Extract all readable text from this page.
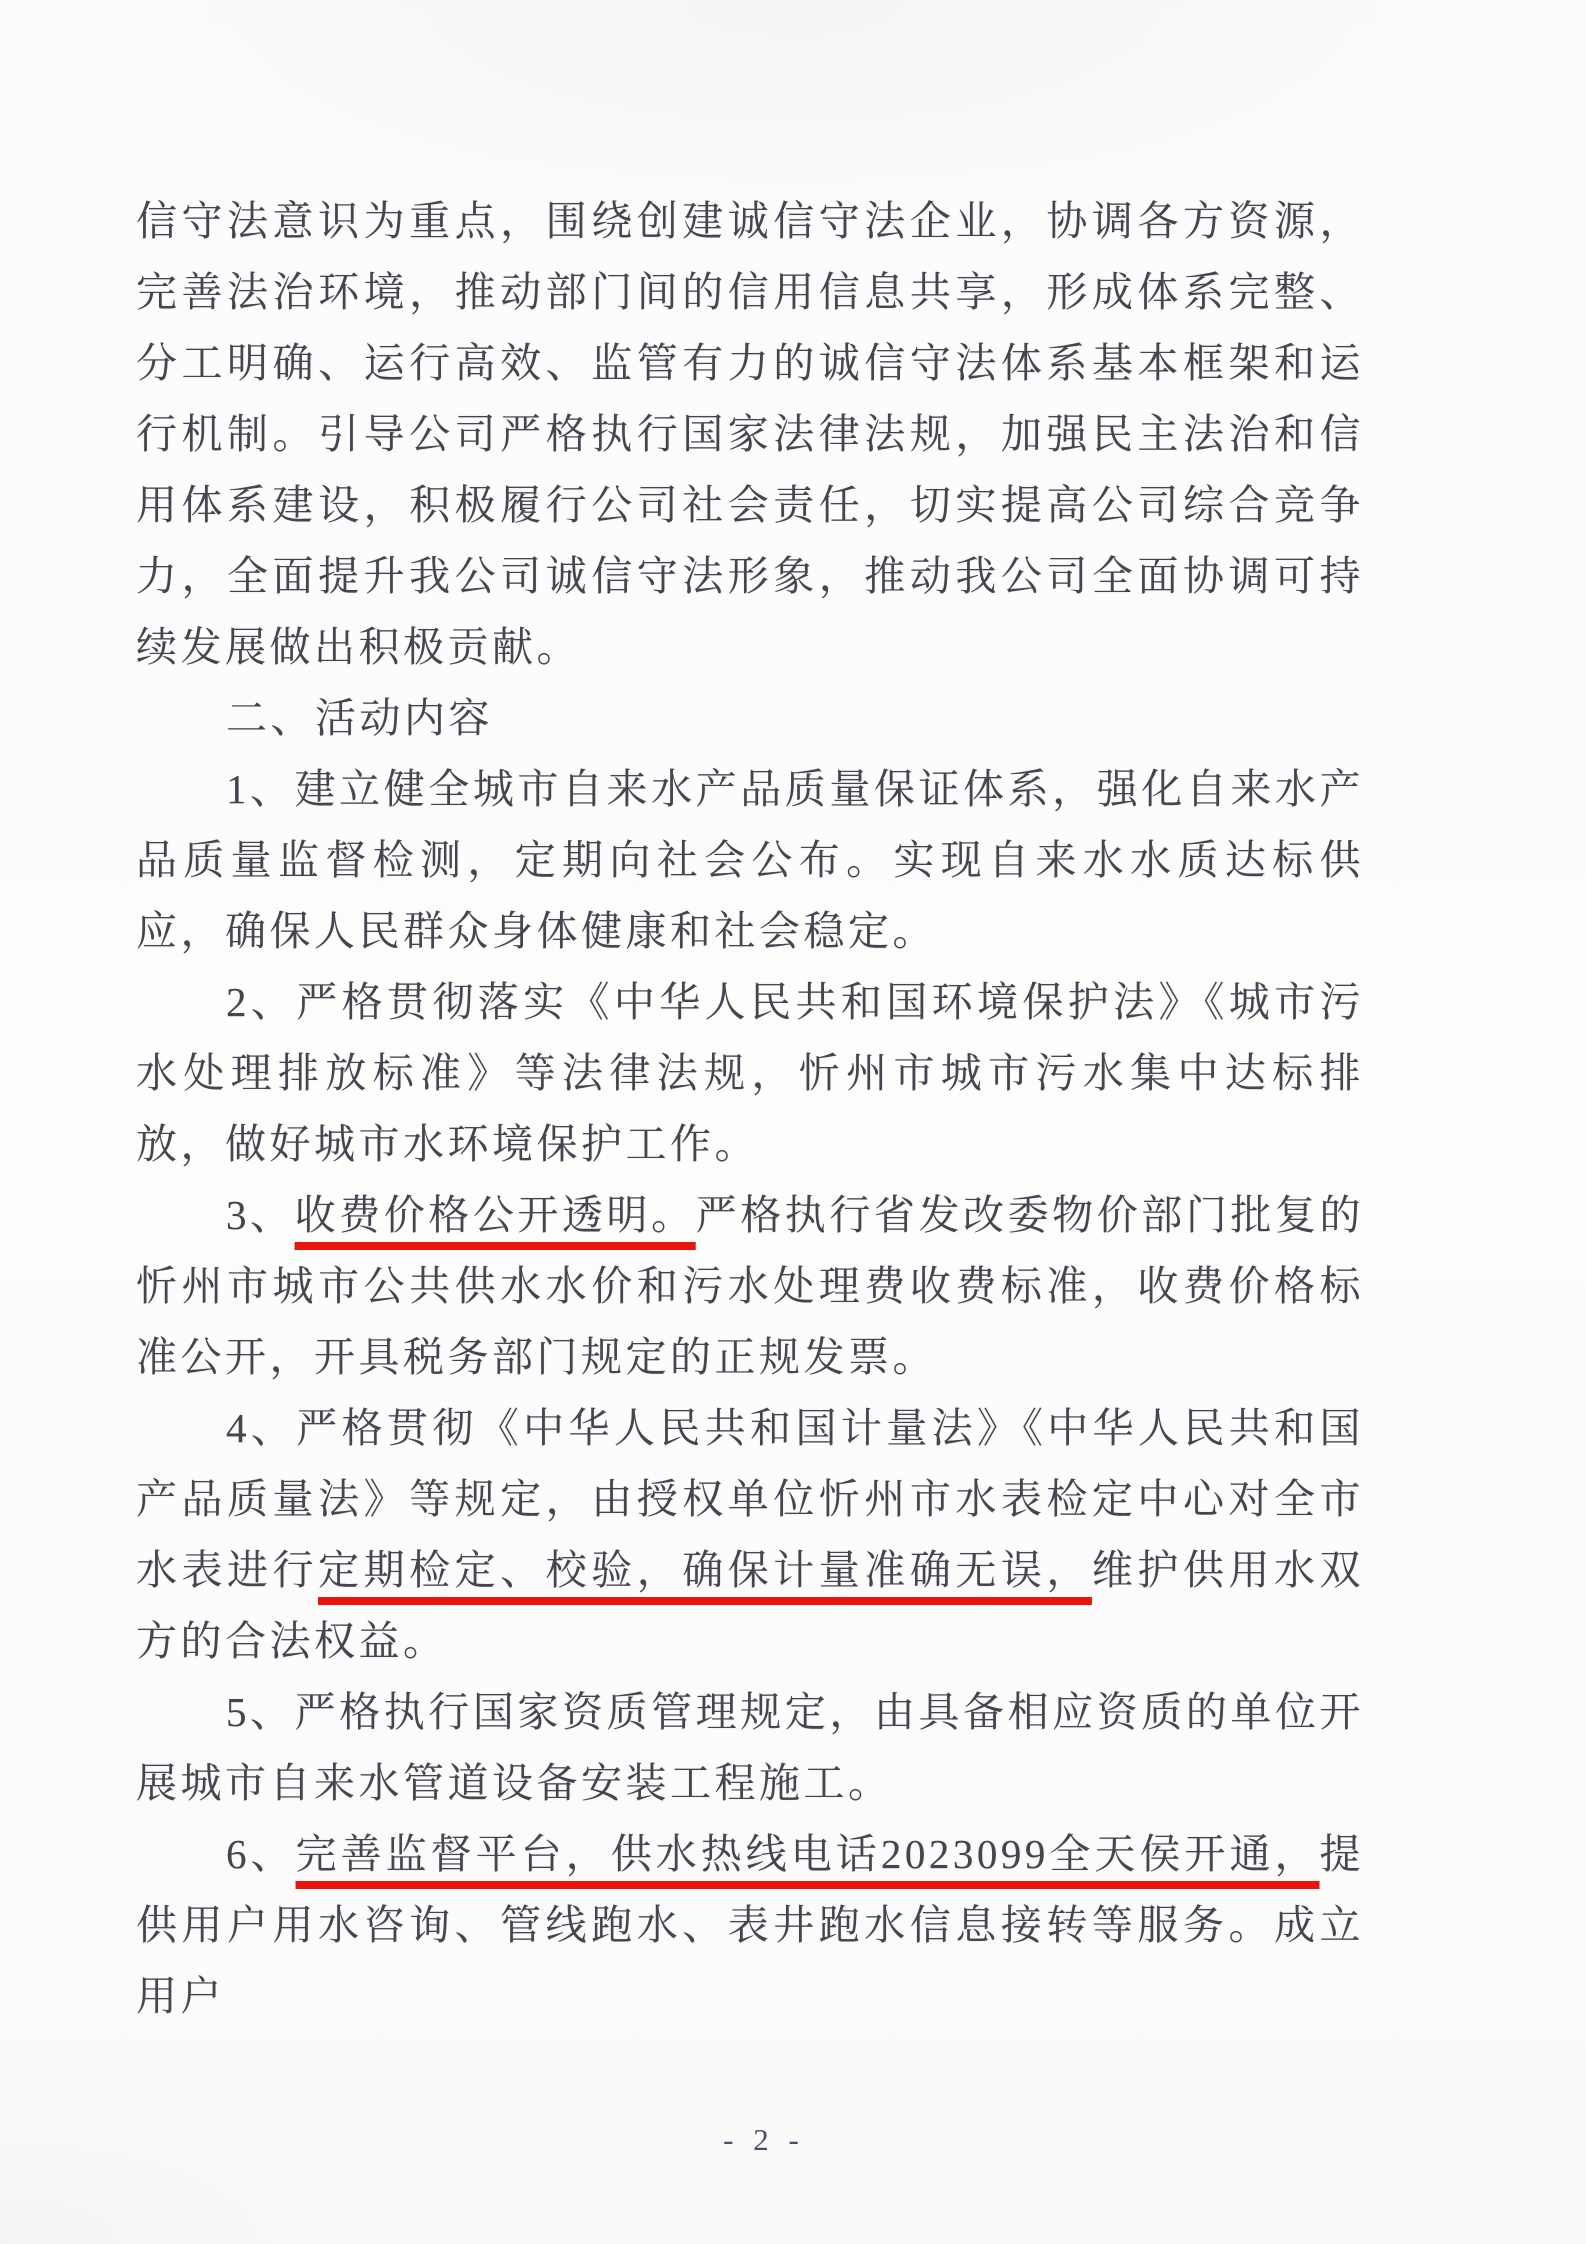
信守法意识为重点，围绕创建诚信守法企业，协调各方资源，完善法治环境，推动部门间的信用信息共享，形成体系完整、分工明确、运行高效、监管有力的诚信守法体系基本框架和运行机制。引导公司严格执行国家法律法规，加强民主法治和信用体系建设，积极履行公司社会责任，切实提高公司综合竞争力，全面提升我公司诚信守法形象，推动我公司全面协调可持续发展做出积极贡献。

二、活动内容

1、建立健全城市自来水产品质量保证体系，强化自来水产品质量监督检测，定期向社会公布。实现自来水水质达标供应，确保人民群众身体健康和社会稳定。

2、严格贯彻落实《中华人民共和国环境保护法》《城市污水处理排放标准》等法律法规，忻州市城市污水集中达标排放，做好城市水环境保护工作。

3、收费价格公开透明。严格执行省发改委物价部门批复的忻州市城市公共供水水价和污水处理费收费标准，收费价格标准公开，开具税务部门规定的正规发票。

4、严格贯彻《中华人民共和国计量法》《中华人民共和国产品质量法》等规定，由授权单位忻州市水表检定中心对全市水表进行定期检定、校验，确保计量准确无误，维护供用水双方的合法权益。

5、严格执行国家资质管理规定，由具备相应资质的单位开展城市自来水管道设备安装工程施工。

6、完善监督平台，供水热线电话2023099全天侯开通，提供用户用水咨询、管线跑水、表井跑水信息接转等服务。成立用户

- 2 -
